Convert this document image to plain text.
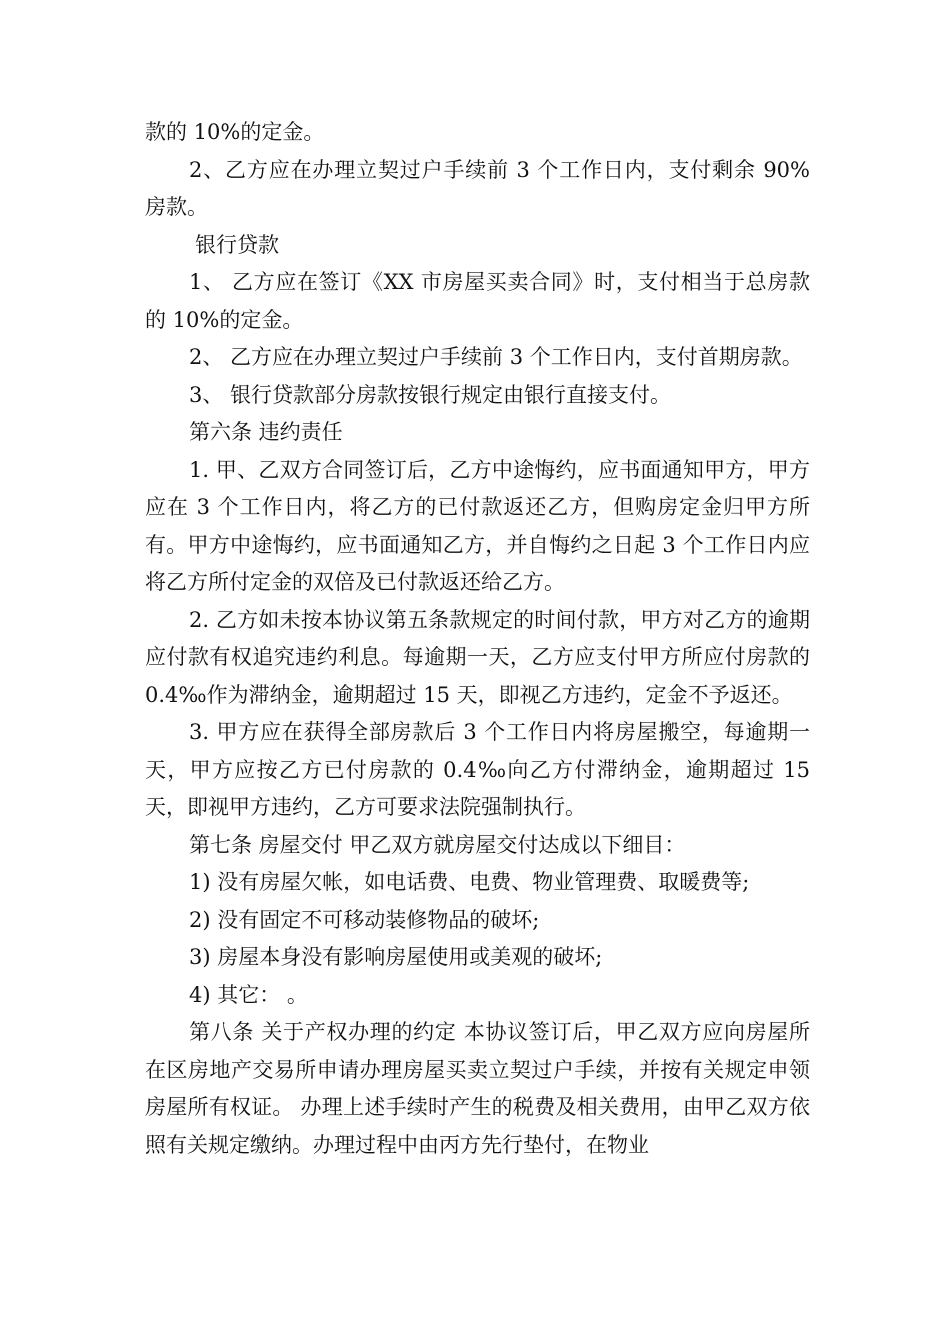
款的 10%的定金。

2、乙方应在办理立契过户手续前 3 个工作日内，支付剩余 90% 房款。

银行贷款

1、 乙方应在签订《XX 市房屋买卖合同》时，支付相当于总房款的 10%的定金。

2、 乙方应在办理立契过户手续前 3 个工作日内，支付首期房款。

3、 银行贷款部分房款按银行规定由银行直接支付。

第六条 违约责任

1. 甲、乙双方合同签订后，乙方中途悔约，应书面通知甲方，甲方应在 3 个工作日内，将乙方的已付款返还乙方，但购房定金归甲方所有。甲方中途悔约，应书面通知乙方，并自悔约之日起 3 个工作日内应将乙方所付定金的双倍及已付款返还给乙方。

2. 乙方如未按本协议第五条款规定的时间付款，甲方对乙方的逾期应付款有权追究违约利息。每逾期一天，乙方应支付甲方所应付房款的 0.4‰作为滞纳金，逾期超过 15 天，即视乙方违约，定金不予返还。

3. 甲方应在获得全部房款后 3 个工作日内将房屋搬空，每逾期一天，甲方应按乙方已付房款的 0.4‰向乙方付滞纳金，逾期超过 15 天，即视甲方违约，乙方可要求法院强制执行。

第七条 房屋交付 甲乙双方就房屋交付达成以下细目：

1) 没有房屋欠帐，如电话费、电费、物业管理费、取暖费等;

2) 没有固定不可移动装修物品的破坏;

3) 房屋本身没有影响房屋使用或美观的破坏;

4) 其它： 。

第八条 关于产权办理的约定 本协议签订后，甲乙双方应向房屋所在区房地产交易所申请办理房屋买卖立契过户手续，并按有关规定申领房屋所有权证。 办理上述手续时产生的税费及相关费用，由甲乙双方依照有关规定缴纳。办理过程中由丙方先行垫付，在物业
